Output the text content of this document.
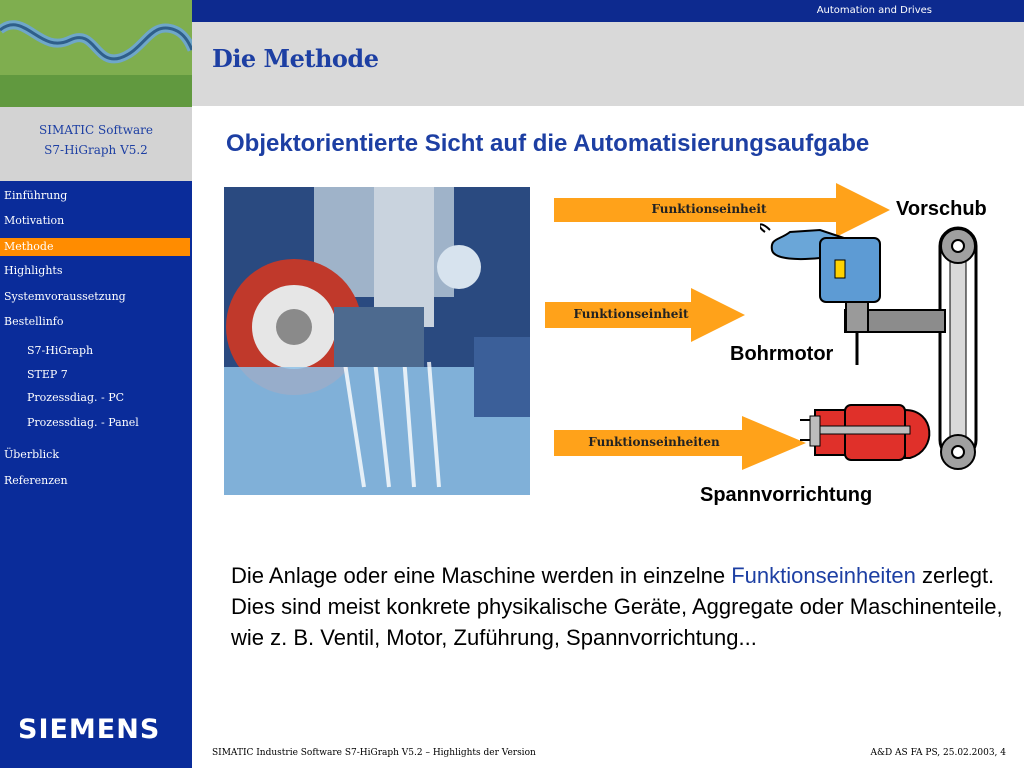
Automation and Drives
Die Methode
SIMATIC Software
S7-HiGraph V5.2
Einführung
Motivation
Methode
Highlights
Systemvoraussetzung
Bestellinfo
S7-HiGraph
STEP 7
Prozessdiag. - PC
Prozessdiag. - Panel
Überblick
Referenzen
SIEMENS
Objektorientierte Sicht auf die Automatisierungsaufgabe
Funktionseinheit
Funktionseinheit
Funktionseinheiten
Vorschub
Bohrmotor
Spannvorrichtung
Die Anlage oder eine Maschine werden in einzelne Funktionseinheiten zerlegt. Dies sind meist konkrete physikalische Geräte, Aggregate oder Maschinenteile, wie z. B. Ventil, Motor, Zuführung, Spannvorrichtung...
SIMATIC Industrie Software S7-HiGraph V5.2 – Highlights der Version	A&D AS FA PS, 25.02.2003, 4
